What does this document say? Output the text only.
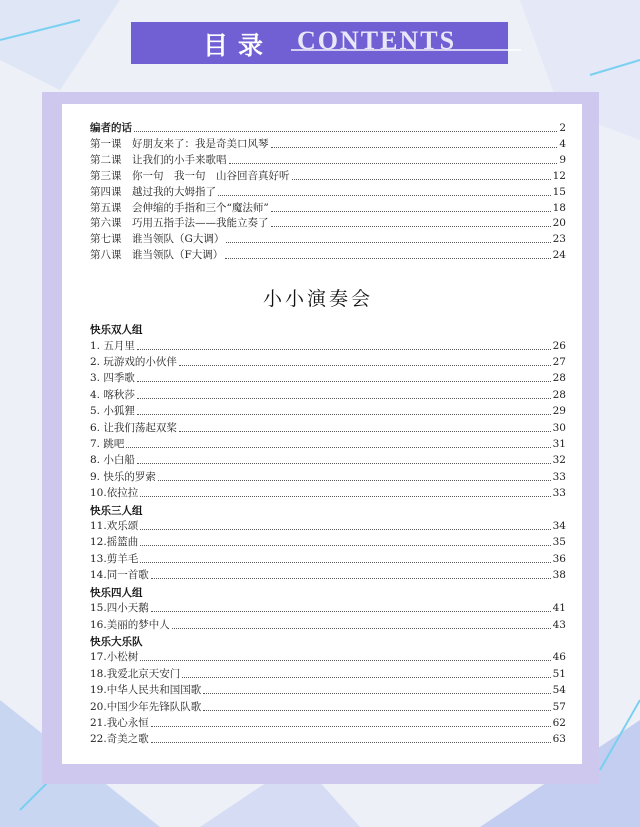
目录 CONTENTS
编者的话	2
第一课　好朋友来了：我是奇美口风琴	4
第二课　让我们的小手来歌唱	9
第三课　你一句　我一句　山谷回音真好听	12
第四课　越过我的大姆指了	15
第五课　会伸缩的手指和三个“魔法师”	18
第六课　巧用五指手法——我能立奏了	20
第七课　谁当领队（G大调）	23
第八课　谁当领队（F大调）	24
小小演奏会
快乐双人组
1. 五月里	26
2. 玩游戏的小伙伴	27
3. 四季歌	28
4. 喀秋莎	28
5. 小狐狸	29
6. 让我们荡起双桨	30
7. 跳吧	31
8. 小白船	32
9. 快乐的罗索	33
10.依拉拉	33
快乐三人组
11.欢乐颂	34
12.摇篮曲	35
13.剪羊毛	36
14.同一首歌	38
快乐四人组
15.四小天鹅	41
16.美丽的梦中人	43
快乐大乐队
17.小松树	46
18.我爱北京天安门	51
19.中华人民共和国国歌	54
20.中国少年先锋队队歌	57
21.我心永恒	62
22.奇美之歌	63
